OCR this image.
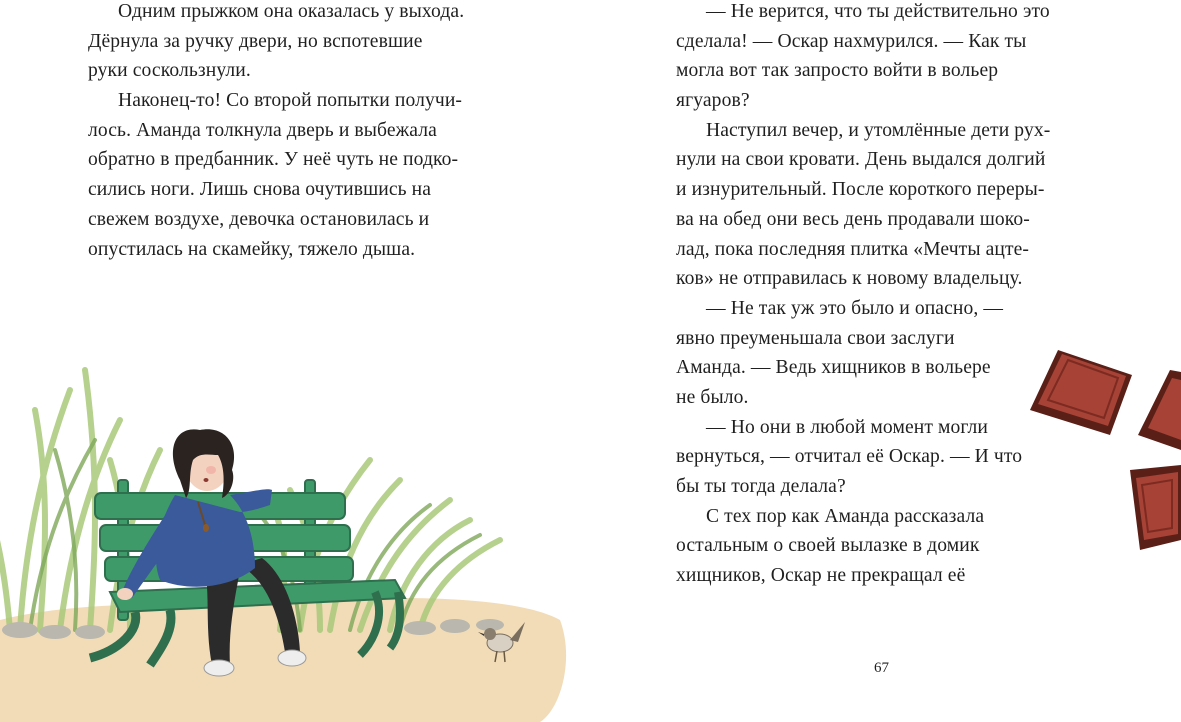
Одним прыжком она оказалась у выхода.
Дёрнула за ручку двери, но вспотевшие
руки соскользнули.
Наконец-то! Со второй попытки получи-
лось. Аманда толкнула дверь и выбежала
обратно в предбанник. У неё чуть не подко-
сились ноги. Лишь снова очутившись на
свежем воздухе, девочка остановилась и
опустилась на скамейку, тяжело дыша.
— Не верится, что ты действительно это
сделала! — Оскар нахмурился. — Как ты
могла вот так запросто войти в вольер
ягуаров?
Наступил вечер, и утомлённые дети рух-
нули на свои кровати. День выдался долгий
и изнурительный. После короткого переры-
ва на обед они весь день продавали шоко-
лад, пока последняя плитка «Мечты ацте-
ков» не отправилась к новому владельцу.
— Не так уж это было и опасно, —
явно преуменьшала свои заслуги
Аманда. — Ведь хищников в вольере
не было.
— Но они в любой момент могли
вернуться, — отчитал её Оскар. — И что
бы ты тогда делала?
С тех пор как Аманда рассказала
остальным о своей вылазке в домик
хищников, Оскар не прекращал её
67
